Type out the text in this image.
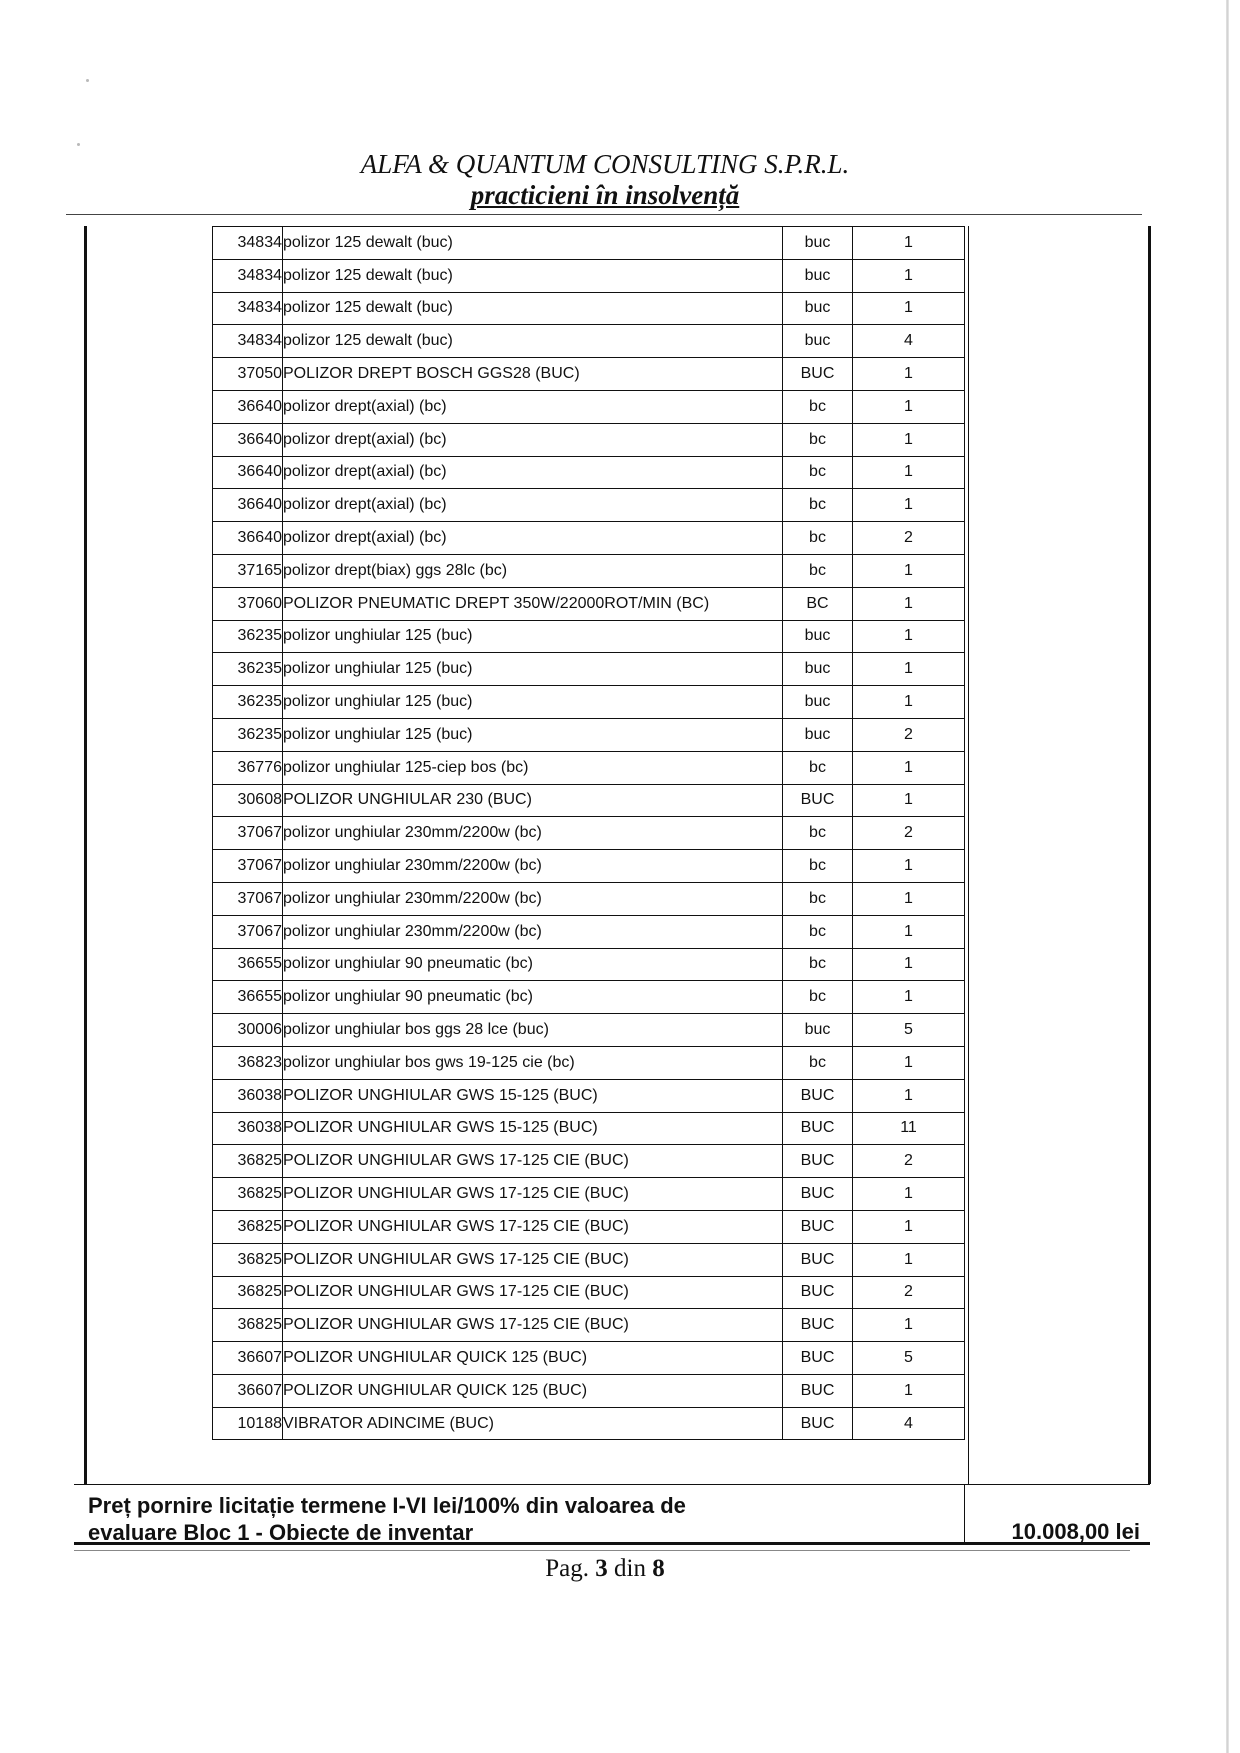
ALFA & QUANTUM CONSULTING S.P.R.L.
practicieni în insolvență
34834	polizor 125 dewalt (buc)	buc	1
34834	polizor 125 dewalt (buc)	buc	1
34834	polizor 125 dewalt (buc)	buc	1
34834	polizor 125 dewalt (buc)	buc	4
37050	POLIZOR DREPT BOSCH GGS28 (BUC)	BUC	1
36640	polizor drept(axial) (bc)	bc	1
36640	polizor drept(axial) (bc)	bc	1
36640	polizor drept(axial) (bc)	bc	1
36640	polizor drept(axial) (bc)	bc	1
36640	polizor drept(axial) (bc)	bc	2
37165	polizor drept(biax) ggs 28lc (bc)	bc	1
37060	POLIZOR PNEUMATIC DREPT 350W/22000ROT/MIN (BC)	BC	1
36235	polizor unghiular 125 (buc)	buc	1
36235	polizor unghiular 125 (buc)	buc	1
36235	polizor unghiular 125 (buc)	buc	1
36235	polizor unghiular 125 (buc)	buc	2
36776	polizor unghiular 125-ciep bos (bc)	bc	1
30608	POLIZOR UNGHIULAR 230 (BUC)	BUC	1
37067	polizor unghiular 230mm/2200w (bc)	bc	2
37067	polizor unghiular 230mm/2200w (bc)	bc	1
37067	polizor unghiular 230mm/2200w (bc)	bc	1
37067	polizor unghiular 230mm/2200w (bc)	bc	1
36655	polizor unghiular 90 pneumatic (bc)	bc	1
36655	polizor unghiular 90 pneumatic (bc)	bc	1
30006	polizor unghiular bos ggs 28 lce (buc)	buc	5
36823	polizor unghiular bos gws 19-125 cie (bc)	bc	1
36038	POLIZOR UNGHIULAR GWS 15-125 (BUC)	BUC	1
36038	POLIZOR UNGHIULAR GWS 15-125 (BUC)	BUC	11
36825	POLIZOR UNGHIULAR GWS 17-125 CIE (BUC)	BUC	2
36825	POLIZOR UNGHIULAR GWS 17-125 CIE (BUC)	BUC	1
36825	POLIZOR UNGHIULAR GWS 17-125 CIE (BUC)	BUC	1
36825	POLIZOR UNGHIULAR GWS 17-125 CIE (BUC)	BUC	1
36825	POLIZOR UNGHIULAR GWS 17-125 CIE (BUC)	BUC	2
36825	POLIZOR UNGHIULAR GWS 17-125 CIE (BUC)	BUC	1
36607	POLIZOR UNGHIULAR QUICK 125 (BUC)	BUC	5
36607	POLIZOR UNGHIULAR QUICK 125 (BUC)	BUC	1
10188	VIBRATOR ADINCIME (BUC)	BUC	4
Preț pornire licitație termene I-VI lei/100% din valoarea de
evaluare Bloc 1 - Obiecte de inventar	10.008,00 lei
Pag. 3 din 8
